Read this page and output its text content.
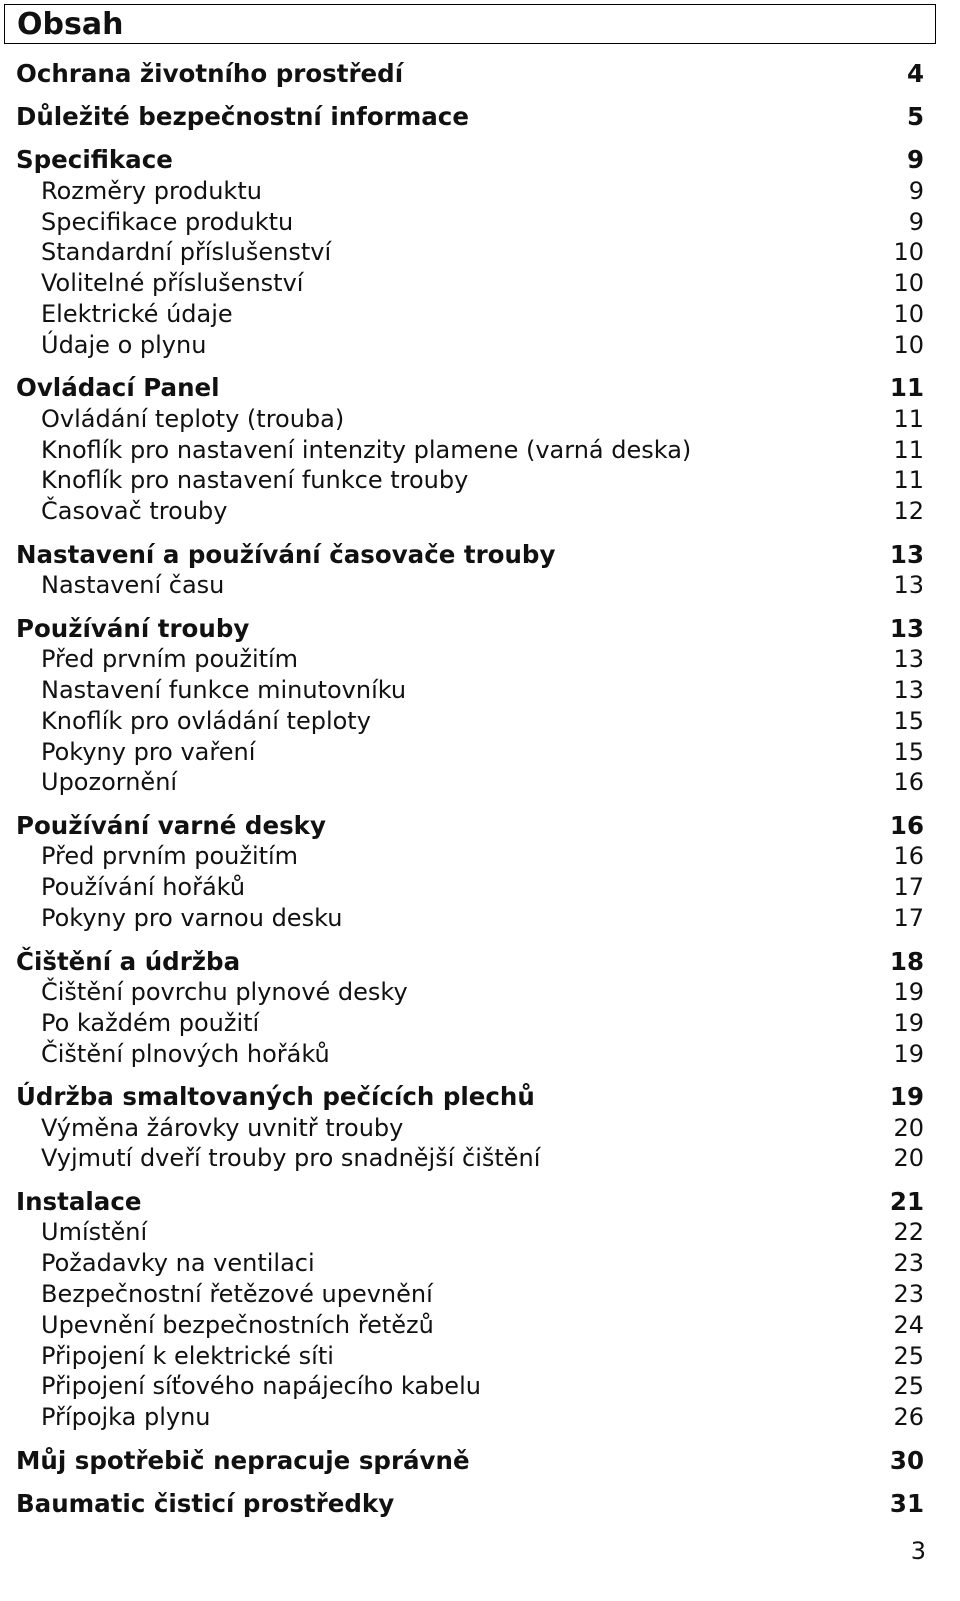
Obsah
Ochrana životního prostředí	4
Důležité bezpečnostní informace	5
Specifikace	9
Rozměry produktu	9
Specifikace produktu	9
Standardní příslušenství	10
Volitelné příslušenství	10
Elektrické údaje	10
Údaje o plynu	10
Ovládací Panel	11
Ovládání teploty (trouba)	11
Knoflík pro nastavení intenzity plamene (varná deska)	11
Knoflík pro nastavení funkce trouby	11
Časovač trouby	12
Nastavení a používání časovače trouby	13
Nastavení času	13
Používání trouby	13
Před prvním použitím	13
Nastavení funkce minutovníku	13
Knoflík pro ovládání teploty	15
Pokyny pro vaření	15
Upozornění	16
Používání varné desky	16
Před prvním použitím	16
Používání hořáků	17
Pokyny pro varnou desku	17
Čištění a údržba	18
Čištění povrchu plynové desky	19
Po každém použití	19
Čištění plnových hořáků	19
Údržba smaltovaných pečících plechů	19
Výměna žárovky uvnitř trouby	20
Vyjmutí dveří trouby pro snadnější čištění	20
Instalace	21
Umístění	22
Požadavky na ventilaci	23
Bezpečnostní řetězové upevnění	23
Upevnění bezpečnostních řetězů	24
Připojení k elektrické síti	25
Připojení síťového napájecího kabelu	25
Přípojka plynu	26
Můj spotřebič nepracuje správně	30
Baumatic čisticí prostředky	31
3
